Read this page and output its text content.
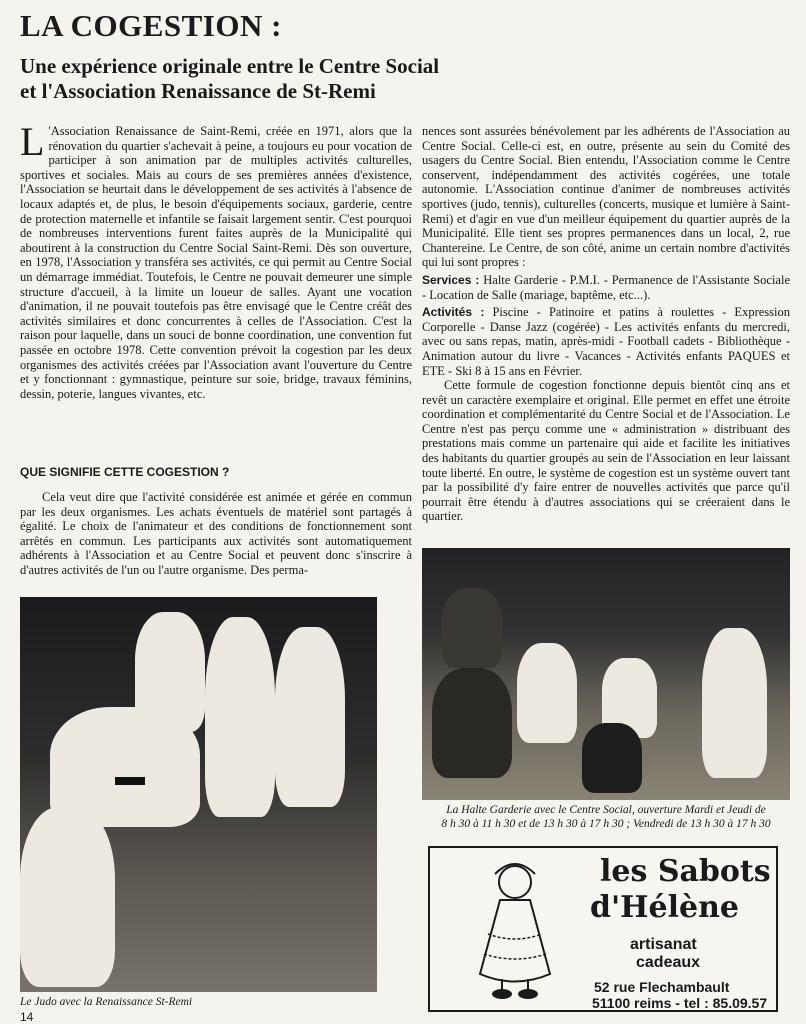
LA COGESTION :
Une expérience originale entre le Centre Social
et l'Association Renaissance de St-Remi

L 'Association Renaissance de Saint-Remi, créée en 1971, alors que la rénovation du quartier s'achevait à peine, a toujours eu pour vocation de participer à son animation par de multiples activités culturelles, sportives et sociales. Mais au cours de ses premières années d'existence, l'Association se heurtait dans le développement de ses activités à l'absence de locaux adaptés et, de plus, le besoin d'équipements sociaux, garderie, centre de protection maternelle et infantile se faisait largement sentir. C'est pourquoi de nombreuses interventions furent faites auprès de la Municipalité qui aboutirent à la construction du Centre Social Saint-Remi. Dès son ouverture, en 1978, l'Association y transféra ses activités, ce qui permit au Centre Social un démarrage immédiat. Toutefois, le Centre ne pouvait demeurer une simple structure d'accueil, à la limite un loueur de salles. Ayant une vocation d'animation, il ne pouvait toutefois pas être envisagé que le Centre créât des activités similaires et donc concurrentes à celles de l'Association. C'est la raison pour laquelle, dans un souci de bonne coordination, une convention fut passée en octobre 1978. Cette convention prévoit la cogestion par les deux organismes des activités créées par l'Association avant l'ouverture du Centre et y fonctionnant : gymnastique, peinture sur soie, bridge, travaux féminins, dessin, poterie, langues vivantes, etc.

QUE SIGNIFIE CETTE COGESTION ?

Cela veut dire que l'activité considérée est animée et gérée en commun par les deux organismes. Les achats éventuels de matériel sont partagés à égalité. Le choix de l'animateur et des conditions de fonctionnement sont arrêtés en commun. Les participants aux activités sont automatiquement adhérents à l'Association et au Centre Social et peuvent donc s'inscrire à d'autres activités de l'un ou l'autre organisme. Des perma-

nences sont assurées bénévolement par les adhérents de l'Association au Centre Social. Celle-ci est, en outre, présente au sein du Comité des usagers du Centre Social. Bien entendu, l'Association comme le Centre conservent, indépendamment des activités cogérées, une totale autonomie. L'Association continue d'animer de nombreuses activités sportives (judo, tennis), culturelles (concerts, musique et lumière à Saint-Remi) et d'agir en vue d'un meilleur équipement du quartier auprès de la Municipalité. Elle tient ses propres permanences dans un local, 2, rue Chantereine. Le Centre, de son côté, anime un certain nombre d'activités qui lui sont propres :

Services : Halte Garderie - P.M.I. - Permanence de l'Assistante Sociale - Location de Salle (mariage, baptême, etc...).

Activités : Piscine - Patinoire et patins à roulettes - Expression Corporelle - Danse Jazz (cogérée) - Les activités enfants du mercredi, avec ou sans repas, matin, après-midi - Football cadets - Bibliothèque - Animation autour du livre - Vacances - Activités enfants PAQUES et ETE - Ski 8 à 15 ans en Février.

Cette formule de cogestion fonctionne depuis bientôt cinq ans et revêt un caractère exemplaire et original. Elle permet en effet une étroite coordination et complémentarité du Centre Social et de l'Association. Le Centre n'est pas perçu comme une « administration » distribuant des prestations mais comme un partenaire qui aide et facilite les initiatives des habitants du quartier groupés au sein de l'Association en leur laissant toute liberté. En outre, le système de cogestion est un système ouvert tant par la possibilité d'y faire entrer de nouvelles activités que parce qu'il pourrait être étendu à d'autres associations qui se créeraient dans le quartier.

La Halte Garderie avec le Centre Social, ouverture Mardi et Jeudi de
8 h 30 à 11 h 30 et de 13 h 30 à 17 h 30 ; Vendredi de 13 h 30 à 17 h 30

Le Judo avec la Renaissance St-Remi

les Sabots
d'Hélène
artisanat
cadeaux
52 rue Flechambault
51100 reims - tel : 85.09.57

14
